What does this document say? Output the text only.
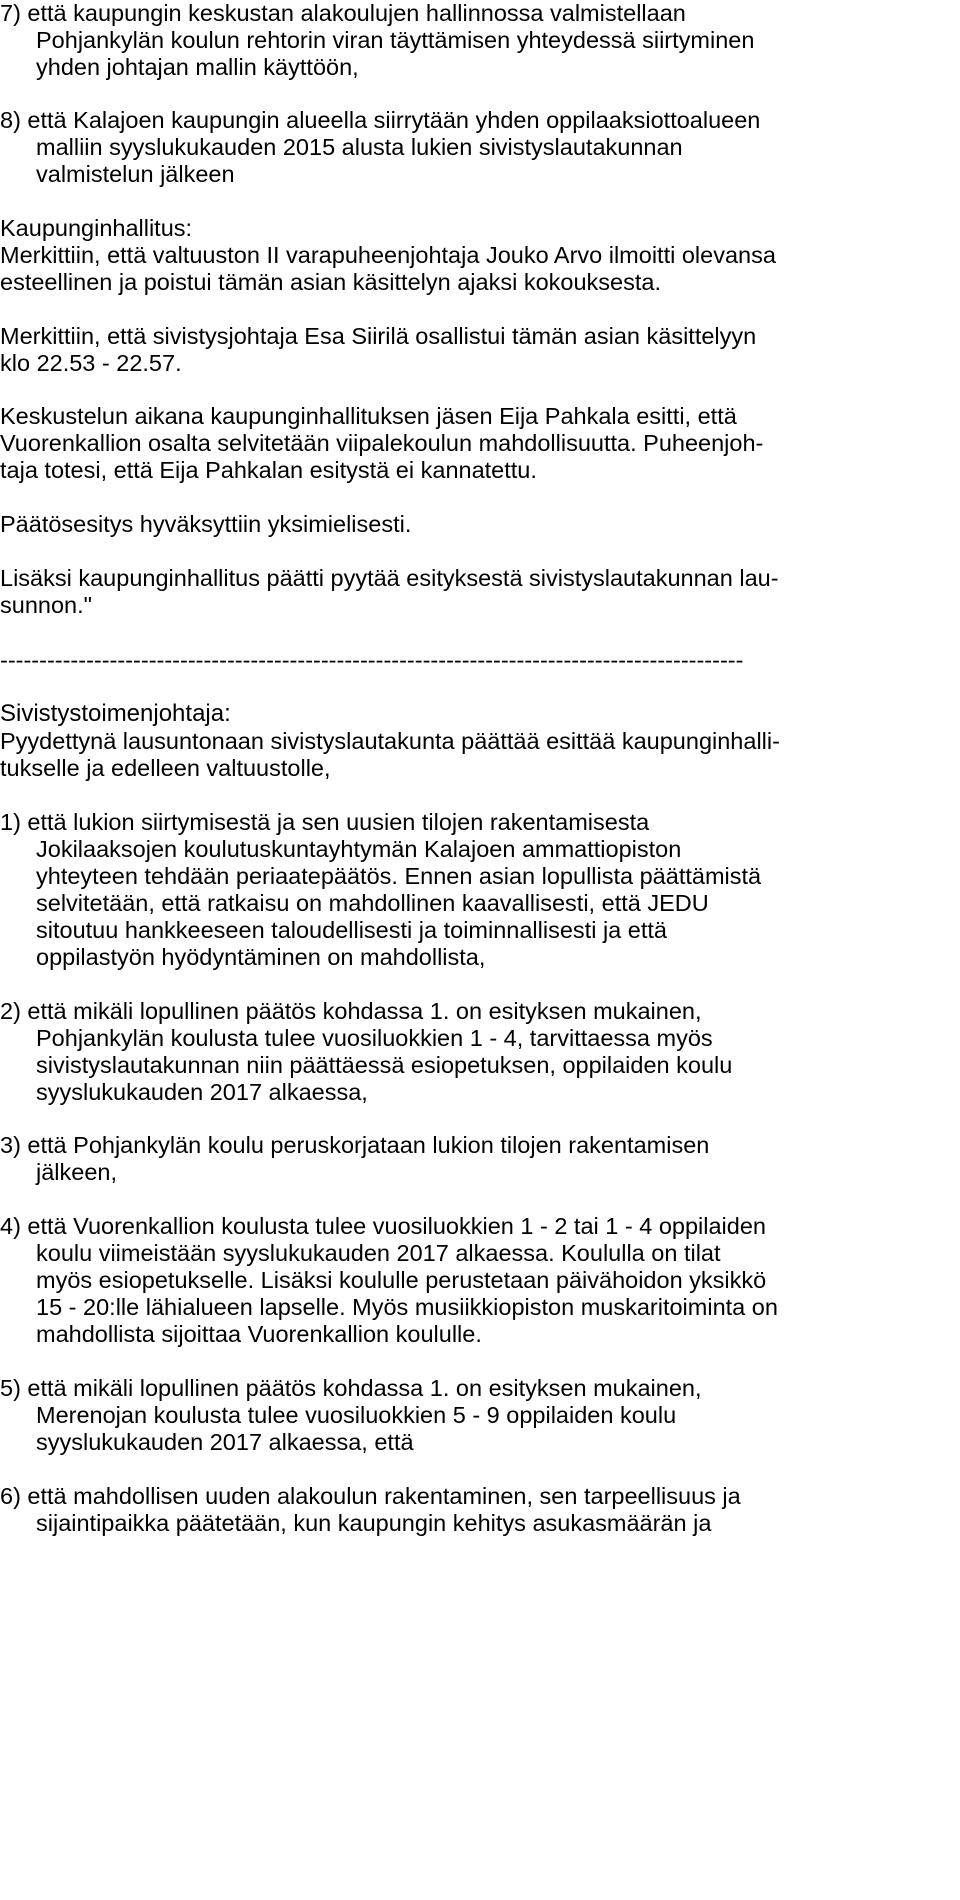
7) että kaupungin keskustan alakoulujen hallinnossa valmistellaan
Pohjankylän koulun rehtorin viran täyttämisen yhteydessä siirtyminen
yhden johtajan mallin käyttöön,
8) että Kalajoen kaupungin alueella siirrytään yhden oppilaaksiottoalueen
malliin syyslukukauden 2015 alusta lukien sivistyslautakunnan
valmistelun jälkeen
Kaupunginhallitus:
Merkittiin, että valtuuston II varapuheenjohtaja Jouko Arvo ilmoitti olevansa
esteellinen ja poistui tämän asian käsittelyn ajaksi kokouksesta.
Merkittiin, että sivistysjohtaja Esa Siirilä osallistui tämän asian käsittelyyn
klo 22.53 - 22.57.
Keskustelun aikana kaupunginhallituksen jäsen Eija Pahkala esitti, että
Vuorenkallion osalta selvitetään viipalekoulun mahdollisuutta. Puheenjoh-
taja totesi, että Eija Pahkalan esitystä ei kannatettu.
Päätösesitys hyväksyttiin yksimielisesti.
Lisäksi kaupunginhallitus päätti pyytää esityksestä sivistyslautakunnan lau-
sunnon."
-----------------------------------------------------------------------------------------------
Sivistystoimenjohtaja:
Pyydettynä lausuntonaan sivistyslautakunta päättää esittää kaupunginhalli-
tukselle ja edelleen valtuustolle,
1) että lukion siirtymisestä ja sen uusien tilojen rakentamisesta
Jokilaaksojen koulutuskuntayhtymän Kalajoen ammattiopiston
yhteyteen tehdään periaatepäätös. Ennen asian lopullista päättämistä
selvitetään, että ratkaisu on mahdollinen kaavallisesti, että JEDU
sitoutuu hankkeeseen taloudellisesti ja toiminnallisesti ja että
oppilastyön hyödyntäminen on mahdollista,
2) että mikäli lopullinen päätös kohdassa 1. on esityksen mukainen,
Pohjankylän koulusta tulee vuosiluokkien 1 - 4, tarvittaessa myös
sivistyslautakunnan niin päättäessä esiopetuksen, oppilaiden koulu
syyslukukauden 2017 alkaessa,
3) että Pohjankylän koulu peruskorjataan lukion tilojen rakentamisen
jälkeen,
4) että Vuorenkallion koulusta tulee vuosiluokkien 1 - 2 tai 1 - 4 oppilaiden
koulu viimeistään syyslukukauden 2017 alkaessa. Koululla on tilat
myös esiopetukselle. Lisäksi koululle perustetaan päivähoidon yksikkö
15 - 20:lle lähialueen lapselle. Myös musiikkiopiston muskaritoiminta on
mahdollista sijoittaa Vuorenkallion koululle.
5) että mikäli lopullinen päätös kohdassa 1. on esityksen mukainen,
Merenojan koulusta tulee vuosiluokkien 5 - 9 oppilaiden koulu
syyslukukauden 2017 alkaessa, että
6) että mahdollisen uuden alakoulun rakentaminen, sen tarpeellisuus ja
sijaintipaikka päätetään, kun kaupungin kehitys asukasmäärän ja
